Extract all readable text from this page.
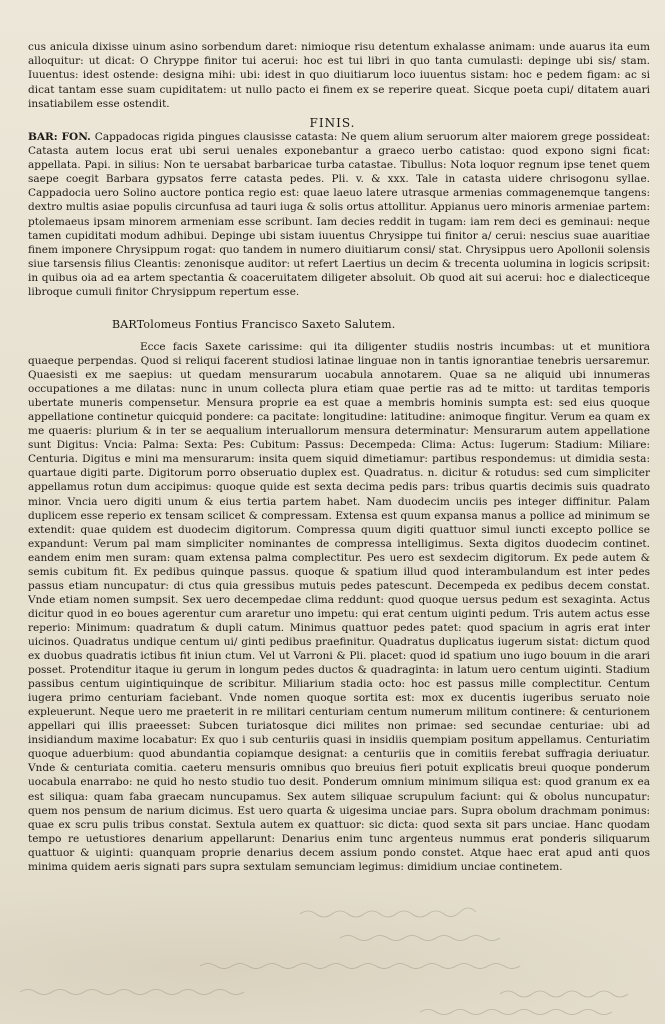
cus anicula dixisse uinum asino sorbendum daret: nimioque risu detentum exhalasse animam: unde auarus ita eum alloquitur: ut dicat: O Chryppe finitor tui acerui: hoc est tui libri in quo tanta cumulasti: depinge ubi sis/ stam. Iuuentus: idest ostende: designa mihi: ubi: idest in quo diuitiarum loco iuuentus sistam: hoc e pedem figam: ac si dicat tantam esse suam cupiditatem: ut nullo pacto ei finem ex se reperire queat. Sicque poeta cupi/ ditatem auari insatiabilem esse ostendit.
FINIS.
BAR: FON. Cappadocas rigida pingues clausisse catasta: Ne quem alium seruorum alter maiorem grege possideat: Catasta autem locus erat ubi serui uenales exponebantur a graeco uerbo catistao: quod expono signi ficat: appellata. Papi. in silius: Non te uersabat barbaricae turba catastae. Tibullus: Nota loquor regnum ipse tenet quem saepe coegit Barbara gypsatos ferre catasta pedes. Pli. v. & xxx. Tale in catasta uidere chrisogonu syllae. Cappadocia uero Solino auctore pontica regio est: quae laeuo latere utrasque armenias commagenemque tangens: dextro multis asiae populis circunfusa ad tauri iuga & solis ortus attollitur. Appianus uero minoris armeniae partem: ptolemaeus ipsam minorem armeniam esse scribunt. Iam decies reddit in tugam: iam rem deci es geminaui: neque tamen cupiditati modum adhibui. Depinge ubi sistam iuuentus Chrysippe tui finitor a/ cerui: nescius suae auaritiae finem imponere Chrysippum rogat: quo tandem in numero diuitiarum consi/ stat. Chrysippus uero Apollonii solensis siue tarsensis filius Cleantis: zenonisque auditor: ut refert Laertius un decim & trecenta uolumina in logicis scripsit: in quibus oia ad ea artem spectantia & coaceruitatem diligeter absoluit. Ob quod ait sui acerui: hoc e dialecticeque libroque cumuli finitor Chrysippum repertum esse.
BARTolomeus Fontius Francisco Saxeto Salutem.
Ecce facis Saxete carissime: qui ita diligenter studiis nostris incumbas: ut et munitiora quaeque perpendas. Quod si reliqui facerent studiosi latinae linguae non in tantis ignorantiae tenebris uersaremur. Quaesisti ex me saepius: ut quedam mensurarum uocabula annotarem. Quae sa ne aliquid ubi innumeras occupationes a me dilatas: nunc in unum collecta plura etiam quae pertie ras ad te mitto: ut tarditas temporis ubertate muneris compensetur. Mensura proprie ea est quae a membris hominis sumpta est: sed eius quoque appellatione continetur quicquid pondere: ca pacitate: longitudine: latitudine: animoque fingitur. Verum ea quam ex me quaeris: plurium & in ter se aequalium interuallorum mensura determinatur: Mensurarum autem appellatione sunt Digitus: Vncia: Palma: Sexta: Pes: Cubitum: Passus: Decempeda: Clima: Actus: Iugerum: Stadium: Miliare: Centuria. Digitus e mini ma mensurarum: insita quem siquid dimetiamur: partibus respondemus: ut dimidia sesta: quartaue digiti parte. Digitorum porro obseruatio duplex est. Quadratus. n. dicitur & rotudus: sed cum simpliciter appellamus rotun dum accipimus: quoque quide est sexta decima pedis pars: tribus quartis decimis suis quadrato minor. Vncia uero digiti unum & eius tertia partem habet. Nam duodecim unciis pes integer diffinitur. Palam duplicem esse reperio ex tensam scilicet & compressam. Extensa est quum expansa manus a pollice ad minimum se extendit: quae quidem est duodecim digitorum. Compressa quum digiti quattuor simul iuncti excepto pollice se expandunt: Verum pal mam simpliciter nominantes de compressa intelligimus. Sexta digitos duodecim continet. eandem enim men suram: quam extensa palma complectitur. Pes uero est sexdecim digitorum. Ex pede autem & semis cubitum fit. Ex pedibus quinque passus. quoque & spatium illud quod interambulandum est inter pedes passus etiam nuncupatur: di ctus quia gressibus mutuis pedes patescunt. Decempeda ex pedibus decem constat. Vnde etiam nomen sumpsit. Sex uero decempedae clima reddunt: quod quoque uersus pedum est sexaginta. Actus dicitur quod in eo boues agerentur cum araretur uno impetu: qui erat centum uiginti pedum. Tris autem actus esse reperio: Minimum: quadratum & dupli catum. Minimus quattuor pedes patet: quod spacium in agris erat inter uicinos. Quadratus undique centum ui/ ginti pedibus praefinitur. Quadratus duplicatus iugerum sistat: dictum quod ex duobus quadratis ictibus fit iniun ctum. Vel ut Varroni & Pli. placet: quod id spatium uno iugo bouum in die arari posset. Protenditur itaque iu gerum in longum pedes ductos & quadraginta: in latum uero centum uiginti. Stadium passibus centum uigintiquinque de scribitur. Miliarium stadia octo: hoc est passus mille complectitur. Centum iugera primo centuriam faciebant. Vnde nomen quoque sortita est: mox ex ducentis iugeribus seruato noie expleuerunt. Neque uero me praeterit in re militari centuriam centum numerum militum continere: & centurionem appellari qui illis praeesset: Subcen turiatosque dici milites non primae: sed secundae centuriae: ubi ad insidiandum maxime locabatur: Ex quo i sub centuriis quasi in insidiis quempiam positum appellamus. Centuriatim quoque aduerbium: quod abundantia copiamque designat: a centuriis que in comitiis ferebat suffragia deriuatur. Vnde & centuriata comitia. caeteru mensuris omnibus quo breuius fieri potuit explicatis breui quoque ponderum uocabula enarrabo: ne quid ho nesto studio tuo desit. Ponderum omnium minimum siliqua est: quod granum ex ea est siliqua: quam faba graecam nuncupamus. Sex autem siliquae scrupulum faciunt: qui & obolus nuncupatur: quem nos pensum de narium dicimus. Est uero quarta & uigesima unciae pars. Supra obolum drachmam ponimus: quae ex scru pulis tribus constat. Sextula autem ex quattuor: sic dicta: quod sexta sit pars unciae. Hanc quodam tempo re uetustiores denarium appellarunt: Denarius enim tunc argenteus nummus erat ponderis siliquarum quattuor & uiginti: quanquam proprie denarius decem assium pondo constet. Atque haec erat apud anti quos minima quidem aeris signati pars supra sextulam semunciam legimus: dimidium unciae continetem.
